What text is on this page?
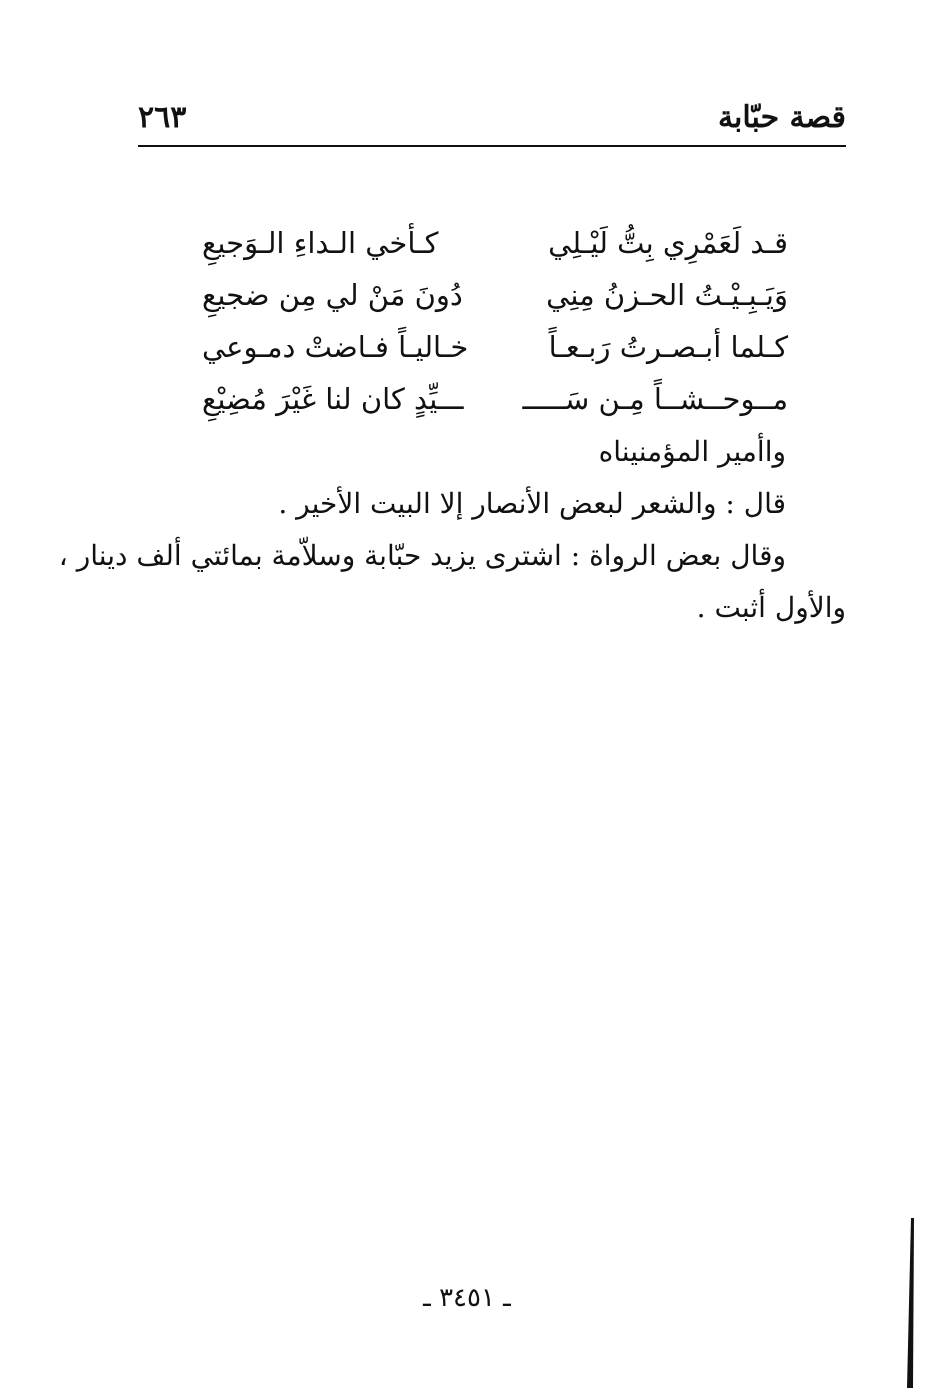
قصة حبّابة
٢٦٣
قـد لَعَمْرِي بِتُّ لَيْـلِي
كـأخي الـداءِ الـوَجيعِ
وَيَـبِـيْـتُ الحـزنُ مِنِي
دُونَ مَنْ لي مِن ضجيعِ
كـلما أبـصـرتُ رَبـعـاً
خـاليـاً فـاضتْ دمـوعي
مــوحــشــاً مِـن سَـــــ
ـــيِّدٍ كان لنا غَيْرَ مُضِيْعِ

واأمير المؤمنيناه

قال : والشعر لبعض الأنصار إلا البيت الأخير .

وقال بعض الرواة : اشترى يزيد حبّابة وسلاّمة بمائتي ألف دينار ،

والأول أثبت .

ـ ٣٤٥١ ـ
